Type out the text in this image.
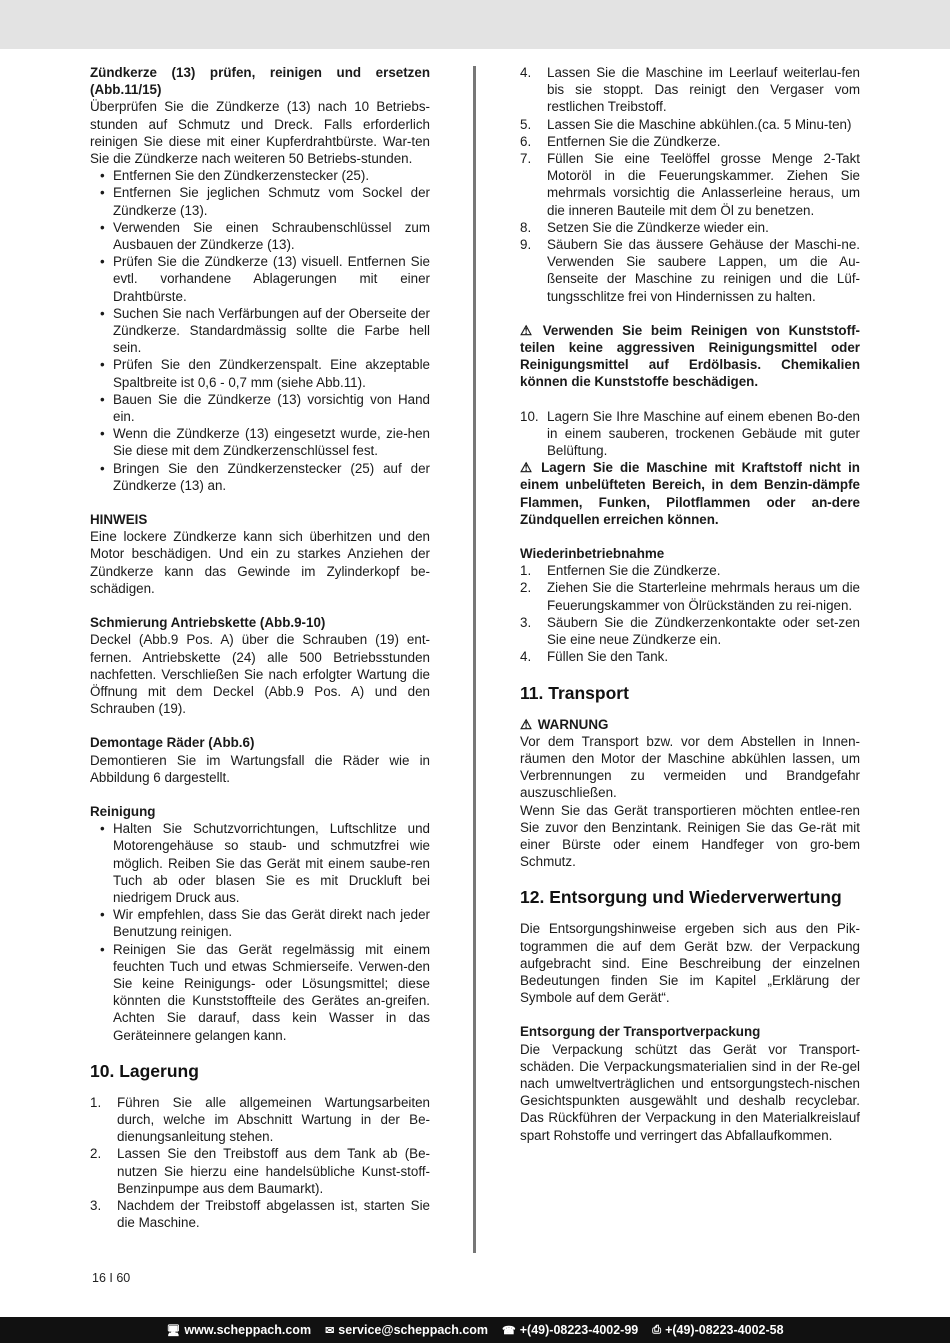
Zündkerze (13) prüfen, reinigen und ersetzen (Abb.11/15)

Überprüfen Sie die Zündkerze (13) nach 10 Betriebs-stunden auf Schmutz und Dreck. Falls erforderlich reinigen Sie diese mit einer Kupferdrahtbürste. War-ten Sie die Zündkerze nach weiteren 50 Betriebs-stunden.

• Entfernen Sie den Zündkerzenstecker (25).
• Entfernen Sie jeglichen Schmutz vom Sockel der Zündkerze (13).
• Verwenden Sie einen Schraubenschlüssel zum Ausbauen der Zündkerze (13).
• Prüfen Sie die Zündkerze (13) visuell. Entfernen Sie evtl. vorhandene Ablagerungen mit einer Drahtbürste.
• Suchen Sie nach Verfärbungen auf der Oberseite der Zündkerze. Standardmässig sollte die Farbe hell sein.
• Prüfen Sie den Zündkerzenspalt. Eine akzeptable Spaltbreite ist 0,6 - 0,7 mm (siehe Abb.11).
• Bauen Sie die Zündkerze (13) vorsichtig von Hand ein.
• Wenn die Zündkerze (13) eingesetzt wurde, zie-hen Sie diese mit dem Zündkerzenschlüssel fest.
• Bringen Sie den Zündkerzenstecker (25) auf der Zündkerze (13) an.

HINWEIS

Eine lockere Zündkerze kann sich überhitzen und den Motor beschädigen. Und ein zu starkes Anziehen der Zündkerze kann das Gewinde im Zylinderkopf be-schädigen.

Schmierung Antriebskette (Abb.9-10)

Deckel (Abb.9 Pos. A) über die Schrauben (19) ent-fernen. Antriebskette (24) alle 500 Betriebsstunden nachfetten. Verschließen Sie nach erfolgter Wartung die Öffnung mit dem Deckel (Abb.9 Pos. A) und den Schrauben (19).

Demontage Räder (Abb.6)

Demontieren Sie im Wartungsfall die Räder wie in Abbildung 6 dargestellt.

Reinigung

• Halten Sie Schutzvorrichtungen, Luftschlitze und Motorengehäuse so staub- und schmutzfrei wie möglich. Reiben Sie das Gerät mit einem saube-ren Tuch ab oder blasen Sie es mit Druckluft bei niedrigem Druck aus.
• Wir empfehlen, dass Sie das Gerät direkt nach jeder Benutzung reinigen.
• Reinigen Sie das Gerät regelmässig mit einem feuchten Tuch und etwas Schmierseife. Verwen-den Sie keine Reinigungs- oder Lösungsmittel; diese könnten die Kunststoffteile des Gerätes an-greifen. Achten Sie darauf, dass kein Wasser in das Geräteinnere gelangen kann.
10. Lagerung
1. Führen Sie alle allgemeinen Wartungsarbeiten durch, welche im Abschnitt Wartung in der Be-dienungsanleitung stehen.
2. Lassen Sie den Treibstoff aus dem Tank ab (Be-nutzen Sie hierzu eine handelsübliche Kunst-stoff-Benzinpumpe aus dem Baumarkt).
3. Nachdem der Treibstoff abgelassen ist, starten Sie die Maschine.
4. Lassen Sie die Maschine im Leerlauf weiterlau-fen bis sie stoppt. Das reinigt den Vergaser vom restlichen Treibstoff.
5. Lassen Sie die Maschine abkühlen.(ca. 5 Minu-ten)
6. Entfernen Sie die Zündkerze.
7. Füllen Sie eine Teelöffel grosse Menge 2-Takt Motoröl in die Feuerungskammer. Ziehen Sie mehrmals vorsichtig die Anlasserleine heraus, um die inneren Bauteile mit dem Öl zu benetzen.
8. Setzen Sie die Zündkerze wieder ein.
9. Säubern Sie das äussere Gehäuse der Maschi-ne. Verwenden Sie saubere Lappen, um die Au-ßenseite der Maschine zu reinigen und die Lüf-tungsschlitze frei von Hindernissen zu halten.

⚠ Verwenden Sie beim Reinigen von Kunststoff-teilen keine aggressiven Reinigungsmittel oder Reinigungsmittel auf Erdölbasis. Chemikalien können die Kunststoffe beschädigen.

10. Lagern Sie Ihre Maschine auf einem ebenen Bo-den in einem sauberen, trockenen Gebäude mit guter Belüftung.

⚠ Lagern Sie die Maschine mit Kraftstoff nicht in einem unbelüfteten Bereich, in dem Benzin-dämpfe Flammen, Funken, Pilotflammen oder an-dere Zündquellen erreichen können.

Wiederinbetriebnahme

1. Entfernen Sie die Zündkerze.
2. Ziehen Sie die Starterleine mehrmals heraus um die Feuerungskammer von Ölrückständen zu rei-nigen.
3. Säubern Sie die Zündkerzenkontakte oder set-zen Sie eine neue Zündkerze ein.
4. Füllen Sie den Tank.
11. Transport

⚠ WARNUNG

Vor dem Transport bzw. vor dem Abstellen in Innen-räumen den Motor der Maschine abkühlen lassen, um Verbrennungen zu vermeiden und Brandgefahr auszuschließen.

Wenn Sie das Gerät transportieren möchten entlee-ren Sie zuvor den Benzintank. Reinigen Sie das Ge-rät mit einer Bürste oder einem Handfeger von gro-bem Schmutz.

12. Entsorgung und Wiederverwertung

Die Entsorgungshinweise ergeben sich aus den Pik-togrammen die auf dem Gerät bzw. der Verpackung aufgebracht sind. Eine Beschreibung der einzelnen Bedeutungen finden Sie im Kapitel „Erklärung der Symbole auf dem Gerät“.

Entsorgung der Transportverpackung

Die Verpackung schützt das Gerät vor Transport-schäden. Die Verpackungsmaterialien sind in der Re-gel nach umweltverträglichen und entsorgungstech-nischen Gesichtspunkten ausgewählt und deshalb recyclebar. Das Rückführen der Verpackung in den Materialkreislauf spart Rohstoffe und verringert das Abfallaufkommen.

16 I 60
🖥 www.scheppach.com ✉ service@scheppach.com ☎ +(49)-08223-4002-99 ⎙ +(49)-08223-4002-58
